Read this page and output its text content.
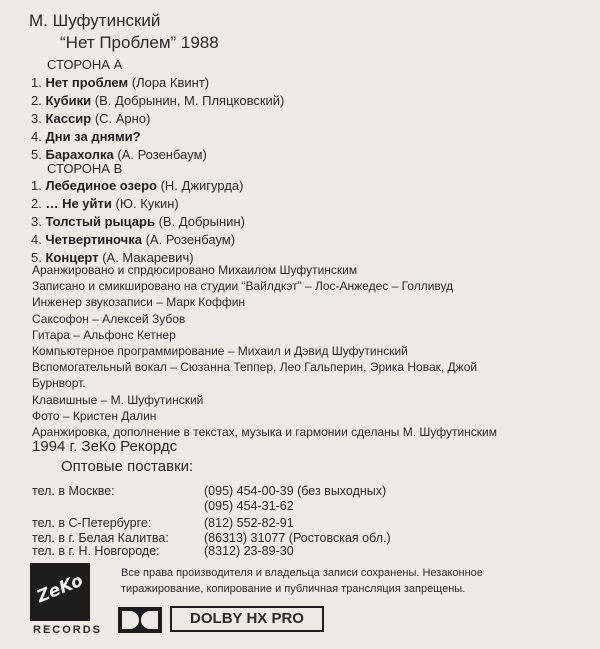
М. Шуфутинский
“Нет Проблем” 1988
СТОРОНА А
1. Нет проблем (Лора Квинт)
2. Кубики (В. Добрынин, М. Пляцковский)
3. Кассир (С. Арно)
4. Дни за днями?
5. Барахолка (А. Розенбаум)
СТОРОНА В
1. Лебединое озеро (Н. Джигурда)
2. … Не уйти (Ю. Кукин)
3. Толстый рыцарь (В. Добрынин)
4. Четвертиночка (А. Розенбаум)
5. Концерт (А. Макаревич)
Аранжировано и спрдюсировано Михаилом Шуфутинским
Записано и смикшировано на студии “Вайлдкэт” – Лос-Анжедес – Голливуд
Инженер звукозаписи – Марк Коффин
Саксофон – Алексей Зубов
Гитара – Альфонс Кетнер
Компьютерное программирование – Михаил и Дэвид Шуфутинский
Вспомогательный вокал – Сюзанна Теппер, Лео Гальперин, Эрика Новак, Джой
Бурнворт.
Клавишные – М. Шуфутинский
Фото – Кристен Далин
Аранжировка, дополнение в текстах, музыка и гармонии сделаны М. Шуфутинским
1994 г. ЗеКо Рекордс
Оптовые поставки:
тел. в Москве:	(095) 454-00-39 (без выходных)
(095) 454-31-62
тел. в С-Петербурге:	(812) 552-82-91
тел. в г. Белая Калитва:	(86313) 31077 (Ростовская обл.)
тел. в г. Н. Новгороде:	(8312) 23-89-30
ZeKo
RECORDS
DOLBY HX PRO
Все права производителя и владельца записи сохранены. Незаконное тиражирование, копирование и публичная трансляция запрещены.
